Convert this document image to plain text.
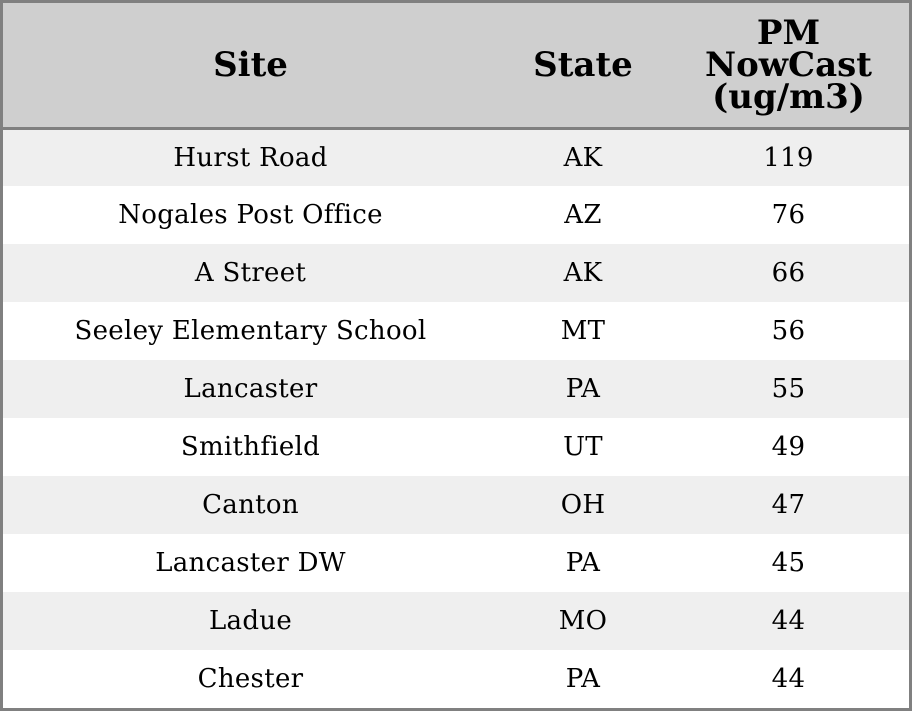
Site	State	PM
NowCast
(ug/m3)

Hurst Road	AK	119
Nogales Post Office	AZ	76
A Street	AK	66
Seeley Elementary School	MT	56
Lancaster	PA	55
Smithfield	UT	49
Canton	OH	47
Lancaster DW	PA	45
Ladue	MO	44
Chester	PA	44
